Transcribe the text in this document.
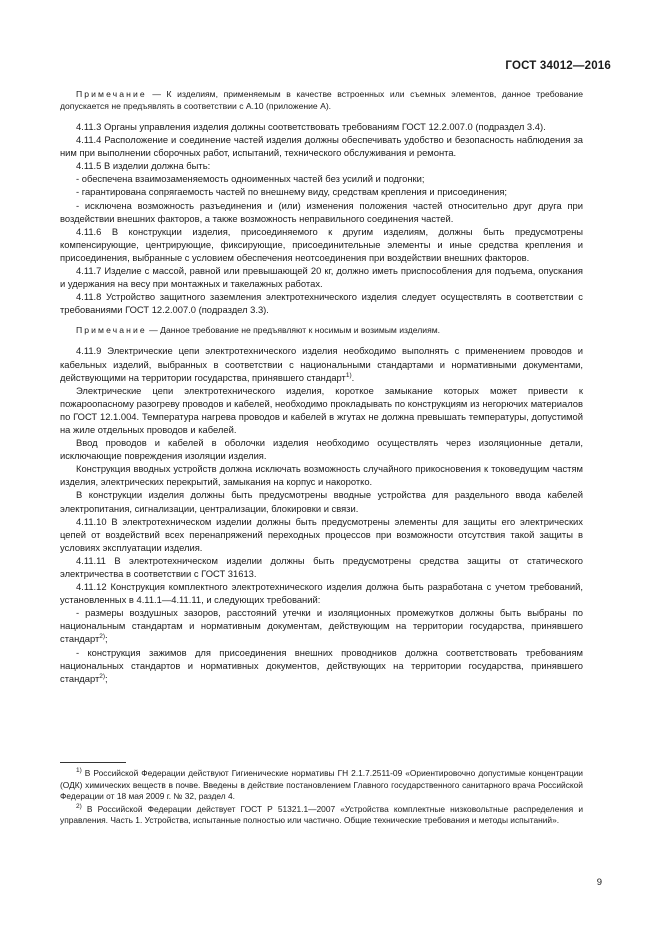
ГОСТ 34012—2016

Примечание — К изделиям, применяемым в качестве встроенных или съемных элементов, данное требование допускается не предъявлять в соответствии с А.10 (приложение А).

4.11.3 Органы управления изделия должны соответствовать требованиям ГОСТ 12.2.007.0 (подраздел 3.4).

4.11.4 Расположение и соединение частей изделия должны обеспечивать удобство и безопасность наблюдения за ним при выполнении сборочных работ, испытаний, технического обслуживания и ремонта.

4.11.5 В изделии должна быть:

- обеспечена взаимозаменяемость одноименных частей без усилий и подгонки;

- гарантирована сопрягаемость частей по внешнему виду, средствам крепления и присоединения;

- исключена возможность разъединения и (или) изменения положения частей относительно друг друга при воздействии внешних факторов, а также возможность неправильного соединения частей.

4.11.6 В конструкции изделия, присоединяемого к другим изделиям, должны быть предусмотрены компенсирующие, центрирующие, фиксирующие, присоединительные элементы и иные средства крепления и присоединения, выбранные с условием обеспечения неотсоединения при воздействии внешних факторов.

4.11.7 Изделие с массой, равной или превышающей 20 кг, должно иметь приспособления для подъема, опускания и удержания на весу при монтажных и такелажных работах.

4.11.8 Устройство защитного заземления электротехнического изделия следует осуществлять в соответствии с требованиями ГОСТ 12.2.007.0 (подраздел 3.3).

Примечание — Данное требование не предъявляют к носимым и возимым изделиям.

4.11.9 Электрические цепи электротехнического изделия необходимо выполнять с применением проводов и кабельных изделий, выбранных в соответствии с национальными стандартами и нормативными документами, действующими на территории государства, принявшего стандарт$^{1)}$.

Электрические цепи электротехнического изделия, короткое замыкание которых может привести к пожароопасному разогреву проводов и кабелей, необходимо прокладывать по конструкциям из негорючих материалов по ГОСТ 12.1.004. Температура нагрева проводов и кабелей в жгутах не должна превышать температуры, допустимой на жиле отдельных проводов и кабелей.

Ввод проводов и кабелей в оболочки изделия необходимо осуществлять через изоляционные детали, исключающие повреждения изоляции изделия.

Конструкция вводных устройств должна исключать возможность случайного прикосновения к токоведущим частям изделия, электрических перекрытий, замыкания на корпус и накоротко.

В конструкции изделия должны быть предусмотрены вводные устройства для раздельного ввода кабелей электропитания, сигнализации, централизации, блокировки и связи.

4.11.10 В электротехническом изделии должны быть предусмотрены элементы для защиты его электрических цепей от воздействий всех перенапряжений переходных процессов при возможности отсутствия такой защиты в условиях эксплуатации изделия.

4.11.11 В электротехническом изделии должны быть предусмотрены средства защиты от статического электричества в соответствии с ГОСТ 31613.

4.11.12 Конструкция комплектного электротехнического изделия должна быть разработана с учетом требований, установленных в 4.11.1—4.11.11, и следующих требований:

- размеры воздушных зазоров, расстояний утечки и изоляционных промежутков должны быть выбраны по национальным стандартам и нормативным документам, действующим на территории государства, принявшего стандарт$^{2)}$;

- конструкция зажимов для присоединения внешних проводников должна соответствовать требованиям национальных стандартов и нормативных документов, действующих на территории государства, принявшего стандарт$^{2)}$;

$^{1)}$ В Российской Федерации действуют Гигиенические нормативы ГН 2.1.7.2511-09 «Ориентировочно допустимые концентрации (ОДК) химических веществ в почве. Введены в действие постановлением Главного государственного санитарного врача Российской Федерации от 18 мая 2009 г. № 32, раздел 4.

$^{2)}$ В Российской Федерации действует ГОСТ Р 51321.1—2007 «Устройства комплектные низковольтные распределения и управления. Часть 1. Устройства, испытанные полностью или частично. Общие технические требования и методы испытаний».

9
